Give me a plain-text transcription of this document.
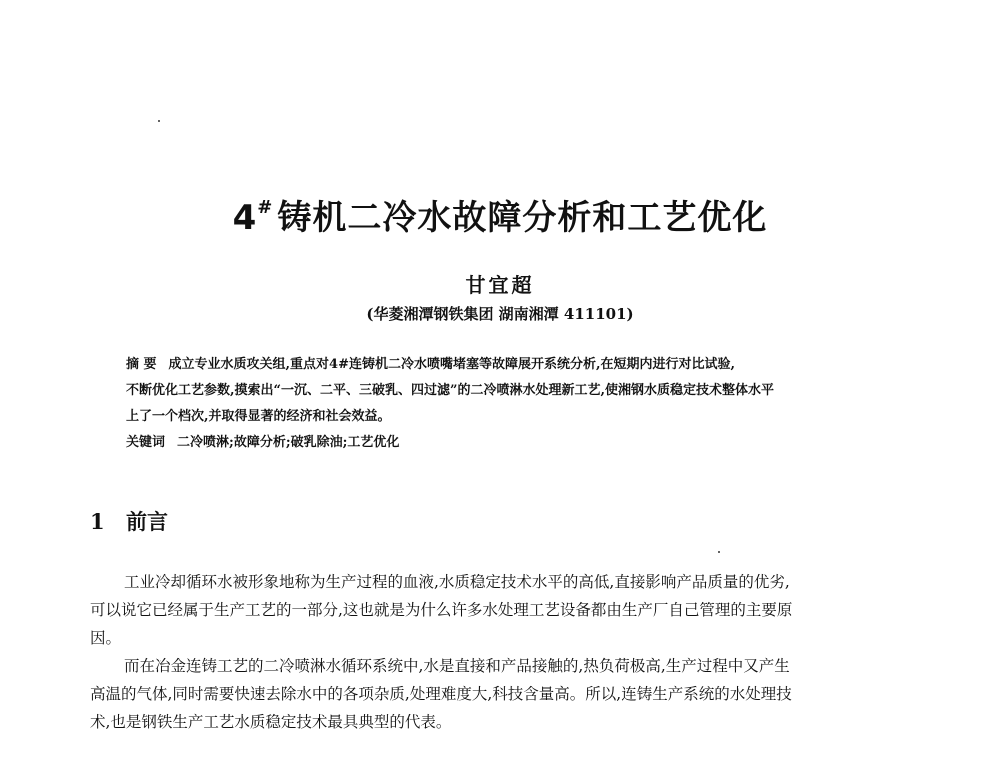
4# 铸机二冷水故障分析和工艺优化
甘宜超
(华菱湘潭钢铁集团 湖南湘潭 411101)
摘 要 成立专业水质攻关组,重点对4#连铸机二冷水喷嘴堵塞等故障展开系统分析,在短期内进行对比试验,
不断优化工艺参数,摸索出“一沉、二平、三破乳、四过滤”的二冷喷淋水处理新工艺,使湘钢水质稳定技术整体水平
上了一个档次,并取得显著的经济和社会效益。
关键词 二冷喷淋;故障分析;破乳除油;工艺优化
1 前言
工业冷却循环水被形象地称为生产过程的血液,水质稳定技术水平的高低,直接影响产品质量的优劣,
可以说它已经属于生产工艺的一部分,这也就是为什么许多水处理工艺设备都由生产厂自己管理的主要原
因。
而在冶金连铸工艺的二冷喷淋水循环系统中,水是直接和产品接触的,热负荷极高,生产过程中又产生
高温的气体,同时需要快速去除水中的各项杂质,处理难度大,科技含量高。所以,连铸生产系统的水处理技
术,也是钢铁生产工艺水质稳定技术最具典型的代表。
